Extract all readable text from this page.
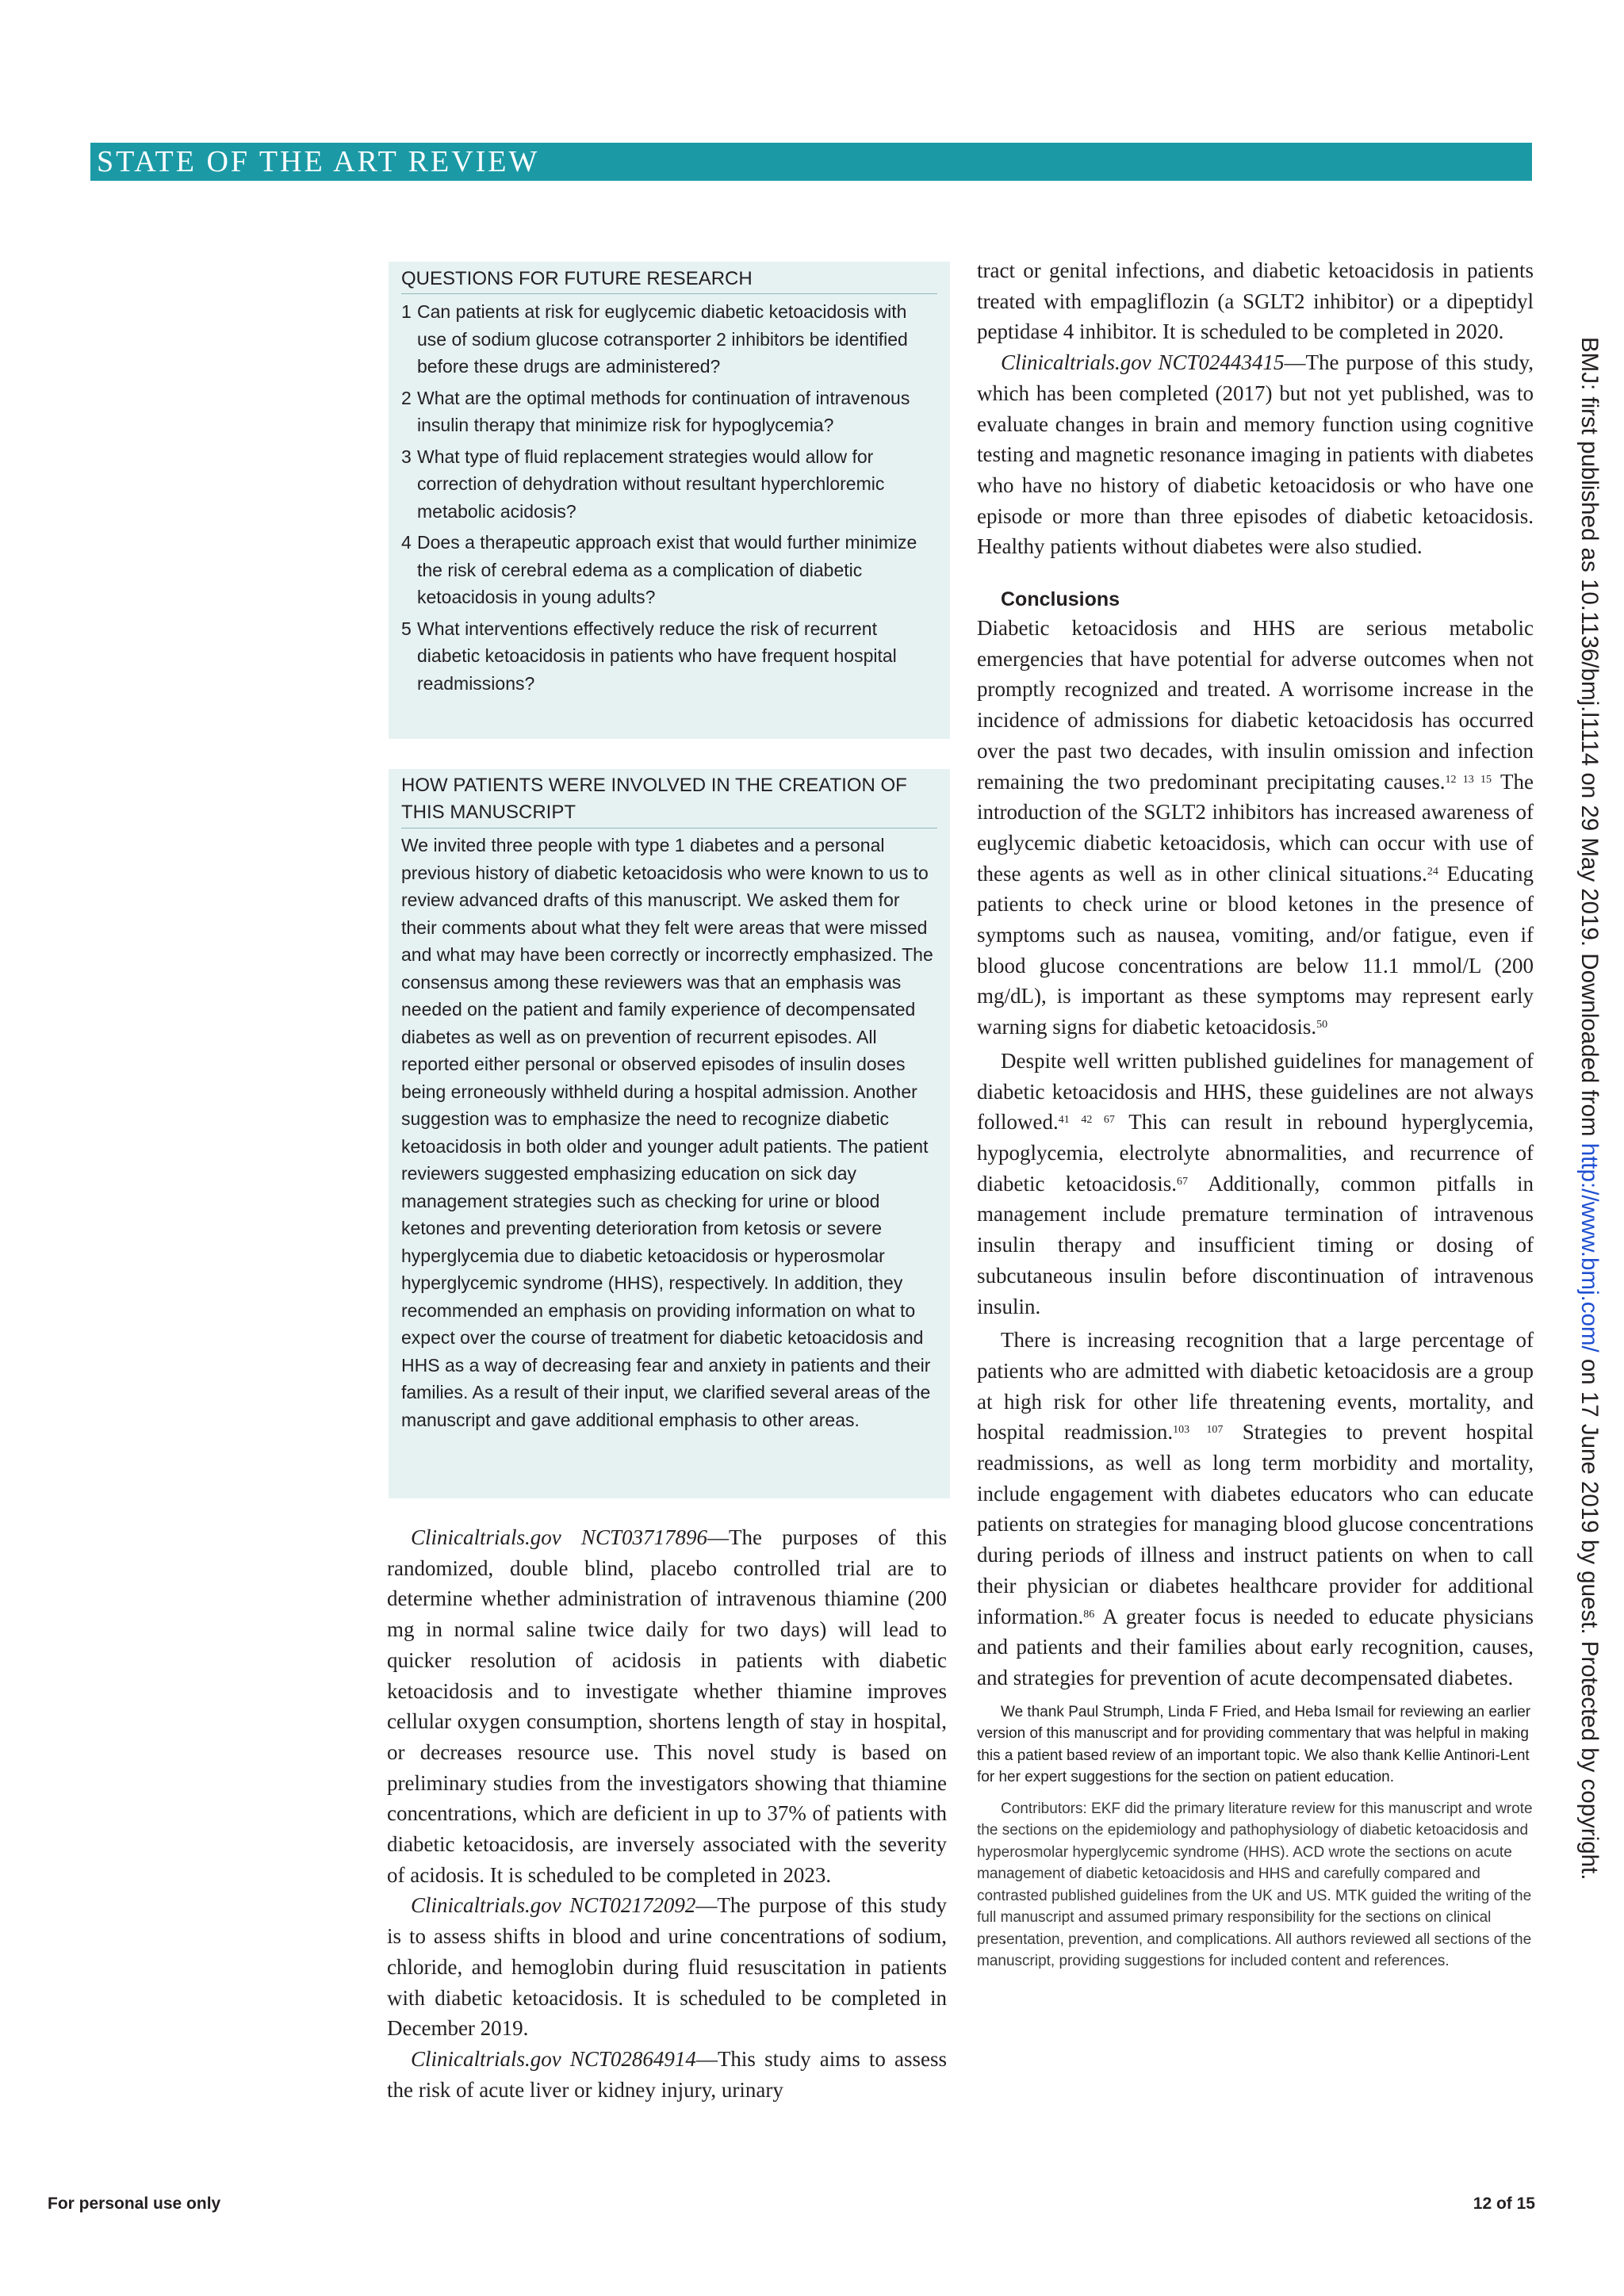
STATE OF THE ART REVIEW
QUESTIONS FOR FUTURE RESEARCH
1 Can patients at risk for euglycemic diabetic ketoacidosis with use of sodium glucose cotransporter 2 inhibitors be identified before these drugs are administered?
2 What are the optimal methods for continuation of intravenous insulin therapy that minimize risk for hypoglycemia?
3 What type of fluid replacement strategies would allow for correction of dehydration without resultant hyperchloremic metabolic acidosis?
4 Does a therapeutic approach exist that would further minimize the risk of cerebral edema as a complication of diabetic ketoacidosis in young adults?
5 What interventions effectively reduce the risk of recurrent diabetic ketoacidosis in patients who have frequent hospital readmissions?
HOW PATIENTS WERE INVOLVED IN THE CREATION OF THIS MANUSCRIPT

We invited three people with type 1 diabetes and a personal previous history of diabetic ketoacidosis who were known to us to review advanced drafts of this manuscript. We asked them for their comments about what they felt were areas that were missed and what may have been correctly or incorrectly emphasized. The consensus among these reviewers was that an emphasis was needed on the patient and family experience of decompensated diabetes as well as on prevention of recurrent episodes. All reported either personal or observed episodes of insulin doses being erroneously withheld during a hospital admission. Another suggestion was to emphasize the need to recognize diabetic ketoacidosis in both older and younger adult patients. The patient reviewers suggested emphasizing education on sick day management strategies such as checking for urine or blood ketones and preventing deterioration from ketosis or severe hyperglycemia due to diabetic ketoacidosis or hyperosmolar hyperglycemic syndrome (HHS), respectively. In addition, they recommended an emphasis on providing information on what to expect over the course of treatment for diabetic ketoacidosis and HHS as a way of decreasing fear and anxiety in patients and their families. As a result of their input, we clarified several areas of the manuscript and gave additional emphasis to other areas.

Clinicaltrials.gov NCT03717896—The purposes of this randomized, double blind, placebo controlled trial are to determine whether administration of intravenous thiamine (200 mg in normal saline twice daily for two days) will lead to quicker resolution of acidosis in patients with diabetic ketoacidosis and to investigate whether thiamine improves cellular oxygen consumption, shortens length of stay in hospital, or decreases resource use. This novel study is based on preliminary studies from the investigators showing that thiamine concentrations, which are deficient in up to 37% of patients with diabetic ketoacidosis, are inversely associated with the severity of acidosis. It is scheduled to be completed in 2023.

Clinicaltrials.gov NCT02172092—The purpose of this study is to assess shifts in blood and urine concentrations of sodium, chloride, and hemoglobin during fluid resuscitation in patients with diabetic ketoacidosis. It is scheduled to be completed in December 2019.

Clinicaltrials.gov NCT02864914—This study aims to assess the risk of acute liver or kidney injury, urinary

tract or genital infections, and diabetic ketoacidosis in patients treated with empagliflozin (a SGLT2 inhibitor) or a dipeptidyl peptidase 4 inhibitor. It is scheduled to be completed in 2020.

Clinicaltrials.gov NCT02443415—The purpose of this study, which has been completed (2017) but not yet published, was to evaluate changes in brain and memory function using cognitive testing and magnetic resonance imaging in patients with diabetes who have no history of diabetic ketoacidosis or who have one episode or more than three episodes of diabetic ketoacidosis. Healthy patients without diabetes were also studied.

Conclusions

Diabetic ketoacidosis and HHS are serious metabolic emergencies that have potential for adverse outcomes when not promptly recognized and treated. A worrisome increase in the incidence of admissions for diabetic ketoacidosis has occurred over the past two decades, with insulin omission and infection remaining the two predominant precipitating causes.$^{12 13 15}$ The introduction of the SGLT2 inhibitors has increased awareness of euglycemic diabetic ketoacidosis, which can occur with use of these agents as well as in other clinical situations.$^{24}$ Educating patients to check urine or blood ketones in the presence of symptoms such as nausea, vomiting, and/or fatigue, even if blood glucose concentrations are below 11.1 mmol/L (200 mg/dL), is important as these symptoms may represent early warning signs for diabetic ketoacidosis.$^{50}$

Despite well written published guidelines for management of diabetic ketoacidosis and HHS, these guidelines are not always followed.$^{41 42 67}$ This can result in rebound hyperglycemia, hypoglycemia, electrolyte abnormalities, and recurrence of diabetic ketoacidosis.$^{67}$ Additionally, common pitfalls in management include premature termination of intravenous insulin therapy and insufficient timing or dosing of subcutaneous insulin before discontinuation of intravenous insulin.

There is increasing recognition that a large percentage of patients who are admitted with diabetic ketoacidosis are a group at high risk for other life threatening events, mortality, and hospital readmission.$^{103 107}$ Strategies to prevent hospital readmissions, as well as long term morbidity and mortality, include engagement with diabetes educators who can educate patients on strategies for managing blood glucose concentrations during periods of illness and instruct patients on when to call their physician or diabetes healthcare provider for additional information.$^{86}$ A greater focus is needed to educate physicians and patients and their families about early recognition, causes, and strategies for prevention of acute decompensated diabetes.

We thank Paul Strumph, Linda F Fried, and Heba Ismail for reviewing an earlier version of this manuscript and for providing commentary that was helpful in making this a patient based review of an important topic. We also thank Kellie Antinori-Lent for her expert suggestions for the section on patient education.

Contributors: EKF did the primary literature review for this manuscript and wrote the sections on the epidemiology and pathophysiology of diabetic ketoacidosis and hyperosmolar hyperglycemic syndrome (HHS). ACD wrote the sections on acute management of diabetic ketoacidosis and HHS and carefully compared and contrasted published guidelines from the UK and US. MTK guided the writing of the full manuscript and assumed primary responsibility for the sections on clinical presentation, prevention, and complications. All authors reviewed all sections of the manuscript, providing suggestions for included content and references.

BMJ: first published as 10.1136/bmj.l1114 on 29 May 2019. Downloaded from http://www.bmj.com/ on 17 June 2019 by guest. Protected by copyright.
For personal use only	12 of 15
